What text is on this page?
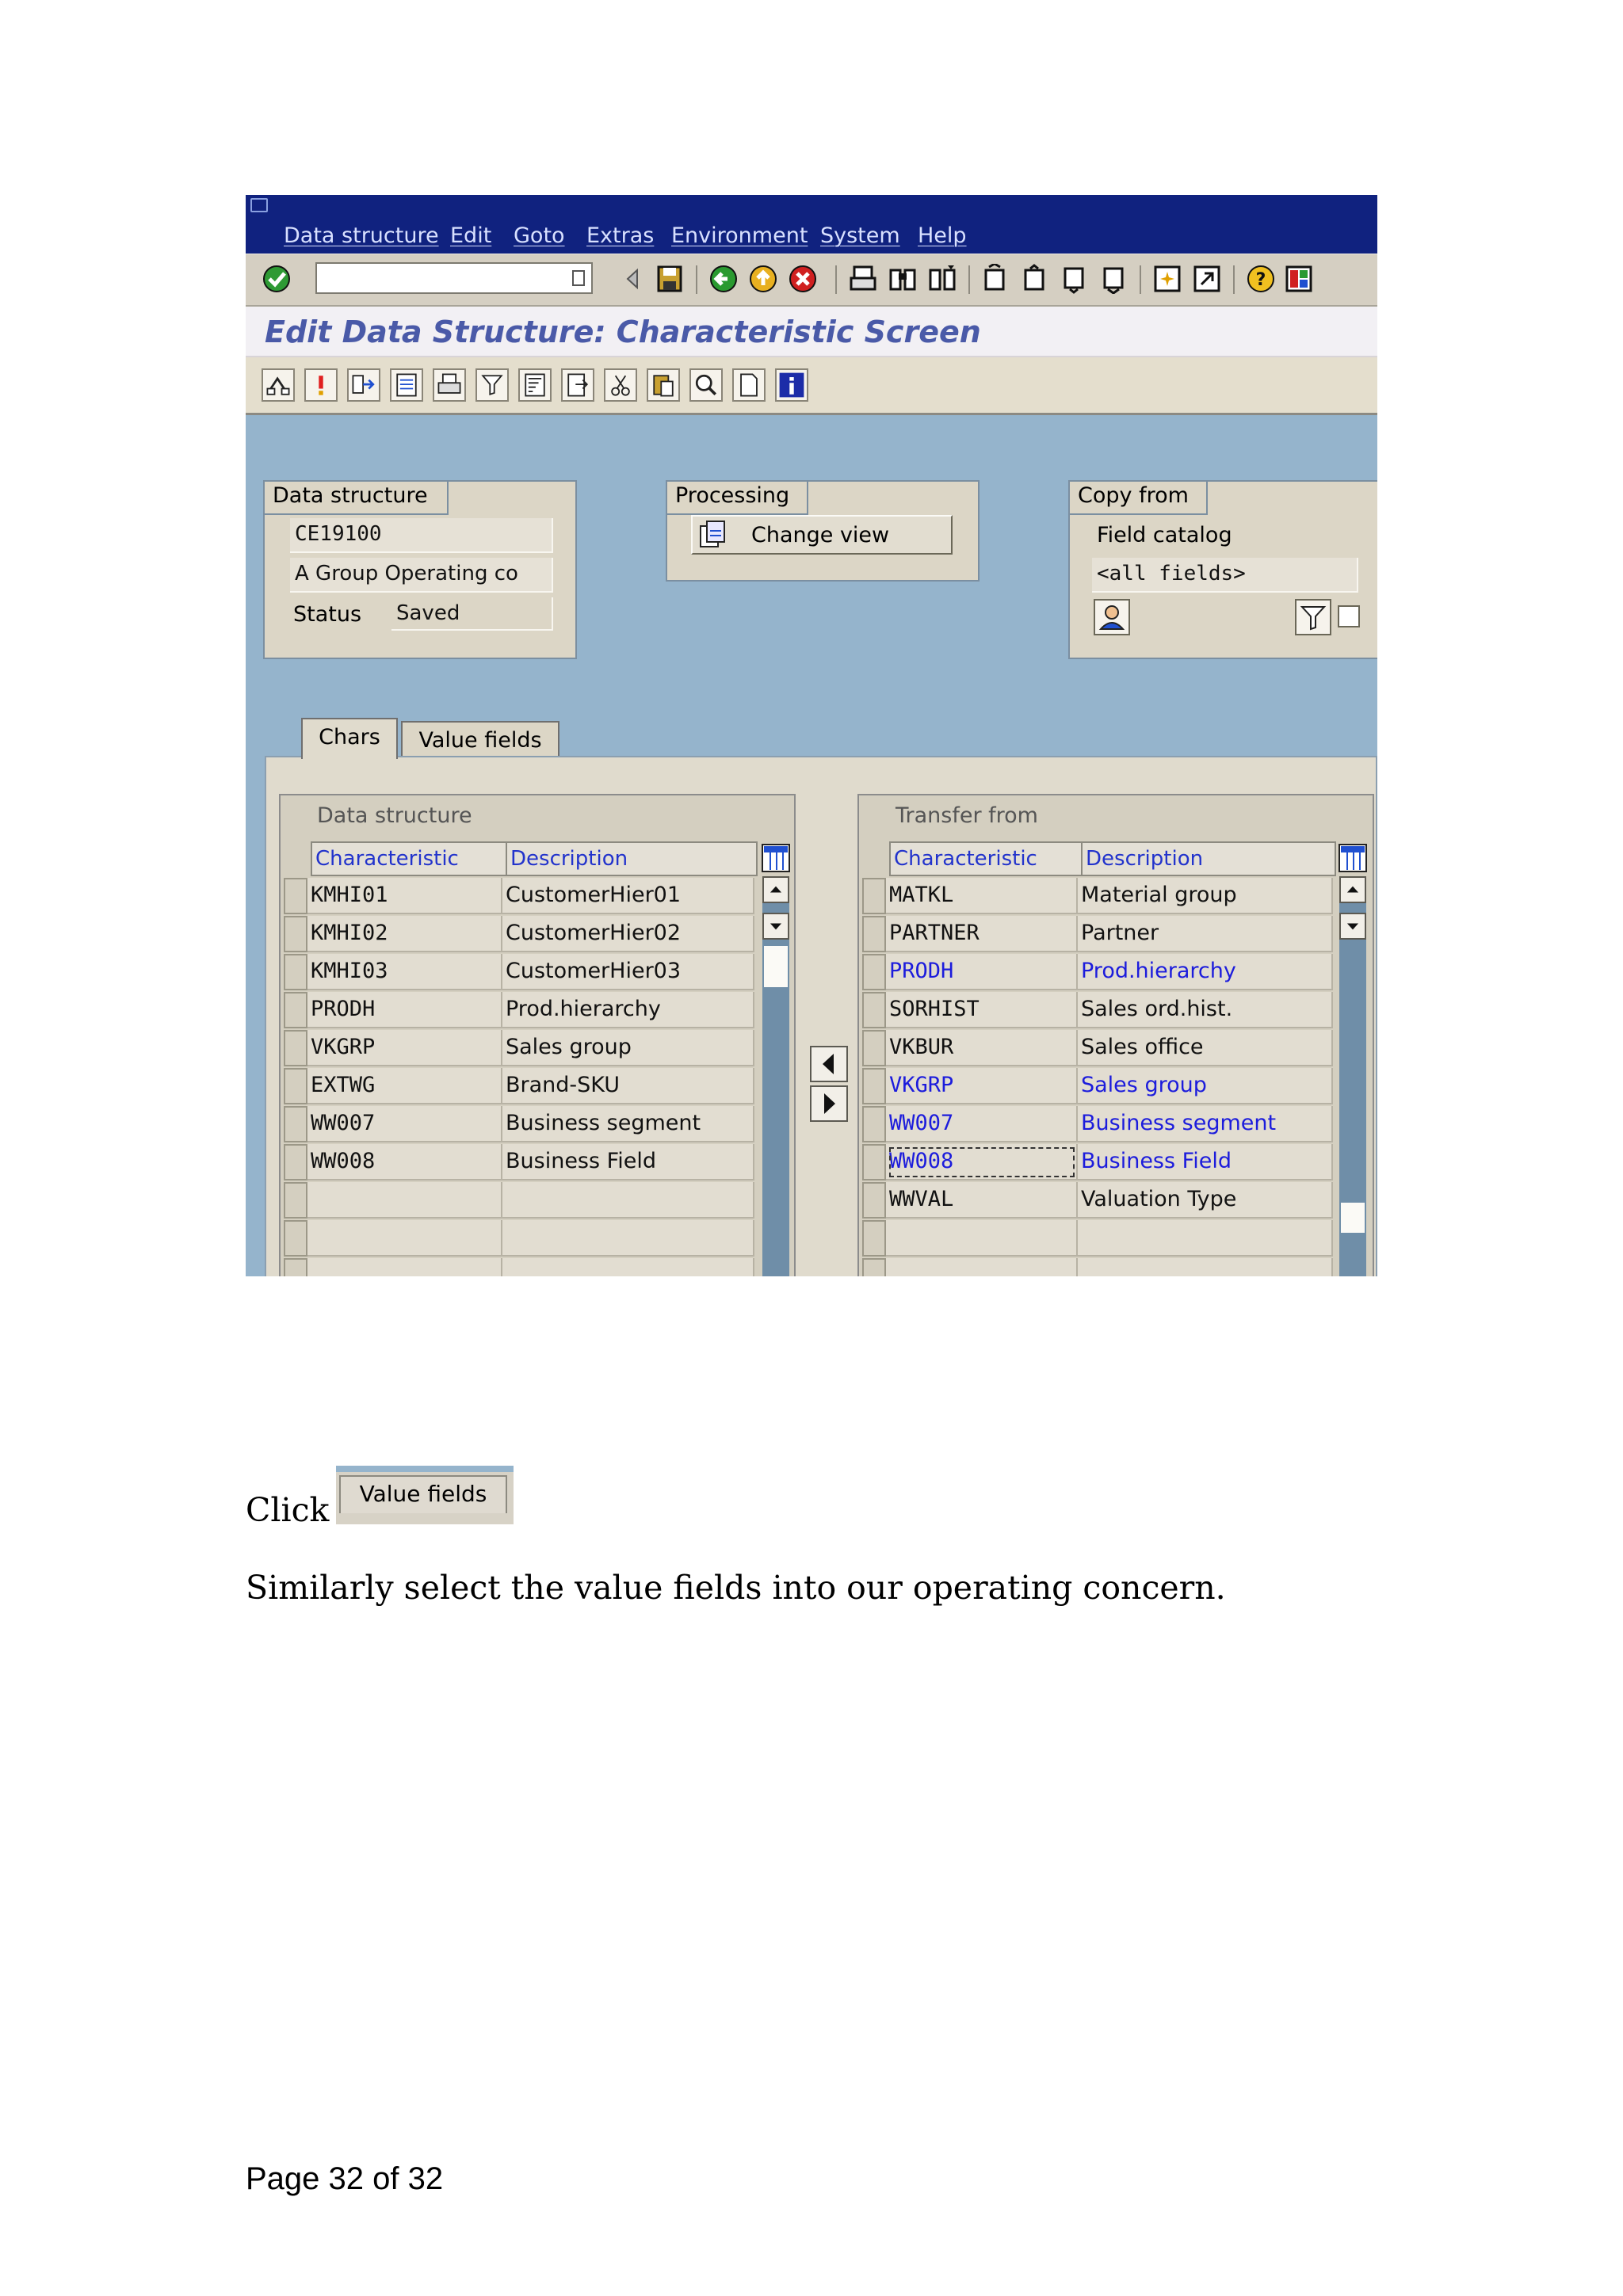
Data structure Edit Goto Extras Environment System Help
?
Edit Data Structure: Characteristic Screen
Data structure
CE19100
A Group Operating co
Status Saved
Processing
Change view
Copy from
Field catalog
<all fields>
Chars	Value fields
Data structure
Characteristic	Description
KMHI01	CustomerHier01
KMHI02	CustomerHier02
KMHI03	CustomerHier03
PRODH	Prod.hierarchy
VKGRP	Sales group
EXTWG	Brand-SKU
WW007	Business segment
WW008	Business Field
Transfer from
Characteristic	Description
MATKL	Material group
PARTNER	Partner
PRODH	Prod.hierarchy
SORHIST	Sales ord.hist.
VKBUR	Sales office
VKGRP	Sales group
WW007	Business segment
WW008	Business Field
WWVAL	Valuation Type
Click	Value fields
Similarly select the value fields into our operating concern.
Page 32 of 32
